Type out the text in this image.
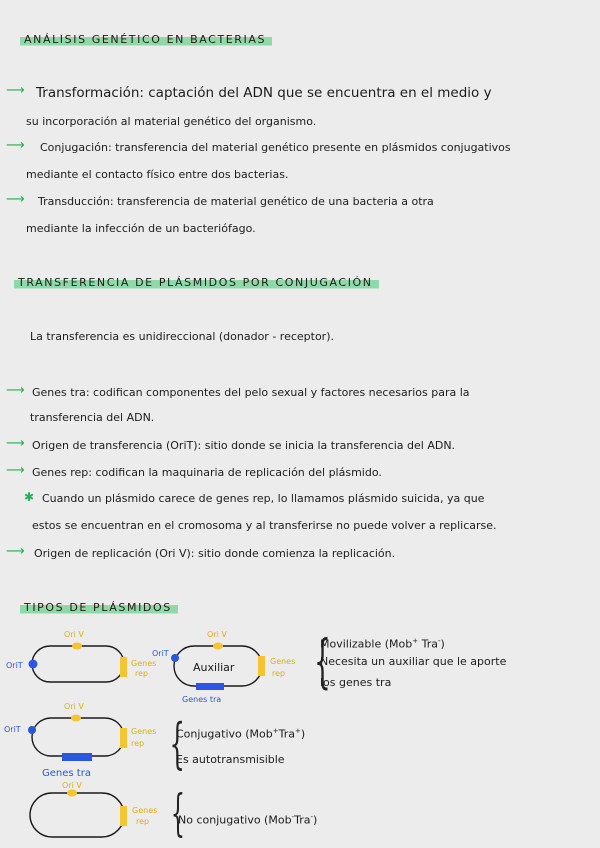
ANÁLISIS GENÉTICO EN BACTERIAS
⟶ Transformación: captación del ADN que se encuentra en el medio y
su incorporación al material genético del organismo.
⟶ Conjugación: transferencia del material genético presente en plásmidos conjugativos
mediante el contacto físico entre dos bacterias.
⟶ Transducción: transferencia de material genético de una bacteria a otra
mediante la infección de un bacteriófago.
TRANSFERENCIA DE PLÁSMIDOS POR CONJUGACIÓN
La transferencia es unidireccional (donador - receptor).
⟶ Genes tra: codifican componentes del pelo sexual y factores necesarios para la
transferencia del ADN.
⟶ Origen de transferencia (OriT): sitio donde se inicia la transferencia del ADN.
⟶ Genes rep: codifican la maquinaria de replicación del plásmido.
✱ Cuando un plásmido carece de genes rep, lo llamamos plásmido suicida, ya que
estos se encuentran en el cromosoma y al transferirse no puede volver a replicarse.
⟶ Origen de replicación (Ori V): sitio donde comienza la replicación.
TIPOS DE PLÁSMIDOS
Ori V
OriT	Genes
rep
Ori V
OriT
Auxiliar	Genes
rep
Genes tra
Ori V
OriT	Genes
rep
Genes tra
Ori V
Genes
rep
{
{
{
Movilizable (Mob+ Tra-)
Necesita un auxiliar que le aporte
los genes tra
Conjugativo (Mob+Tra+)
Es autotransmisible
No conjugativo (Mob-Tra-)
